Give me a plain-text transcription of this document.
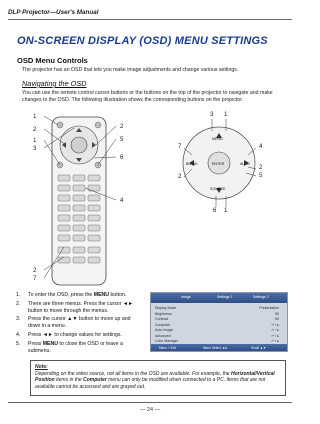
DLP Projector—User's Manual
ON-SCREEN DISPLAY (OSD) MENU SETTINGS
OSD Menu Controls
The projector has an OSD that lets you make image adjustments and change various settings.
Navigating the OSD
You can use the remote control cursor buttons or the buttons on the top of the projector to navigate and make changes to the OSD. The following illustration shows the corresponding buttons on the projector.
1
2
1
3
2
7
2
5
6
4
3 1
7	4
2
2
5
6 1
MENU
BLANK	ENTER	AUTO
SOURCE
1.	To enter the OSD, press the MENU button.
2.	There are three menus. Press the cursor ◄► button to move through the menus.
3.	Press the cursor ▲▼ button to move up and down in a menu.
4.	Press ◄► to change values for settings.
5.	Press MENU to close the OSD or leave a submenu.
Image	Settings 1	Settings 2
Display Mode	Presentation
Brightness	50
Contrast	50
Computer	↵ / ▸
Auto Image	↵ / ▸
Advanced	↵ / ▸
Color Manager	↵ / ▸
Menu = Exit	Menu Select ◄►	Scroll ▲▼
Note:
Depending on the video source, not all items in the OSD are available. For example, the Horizontal/Vertical Position items in the Computer menu can only be modified when connected to a PC. Items that are not available cannot be accessed and are grayed out.
— 24 —
